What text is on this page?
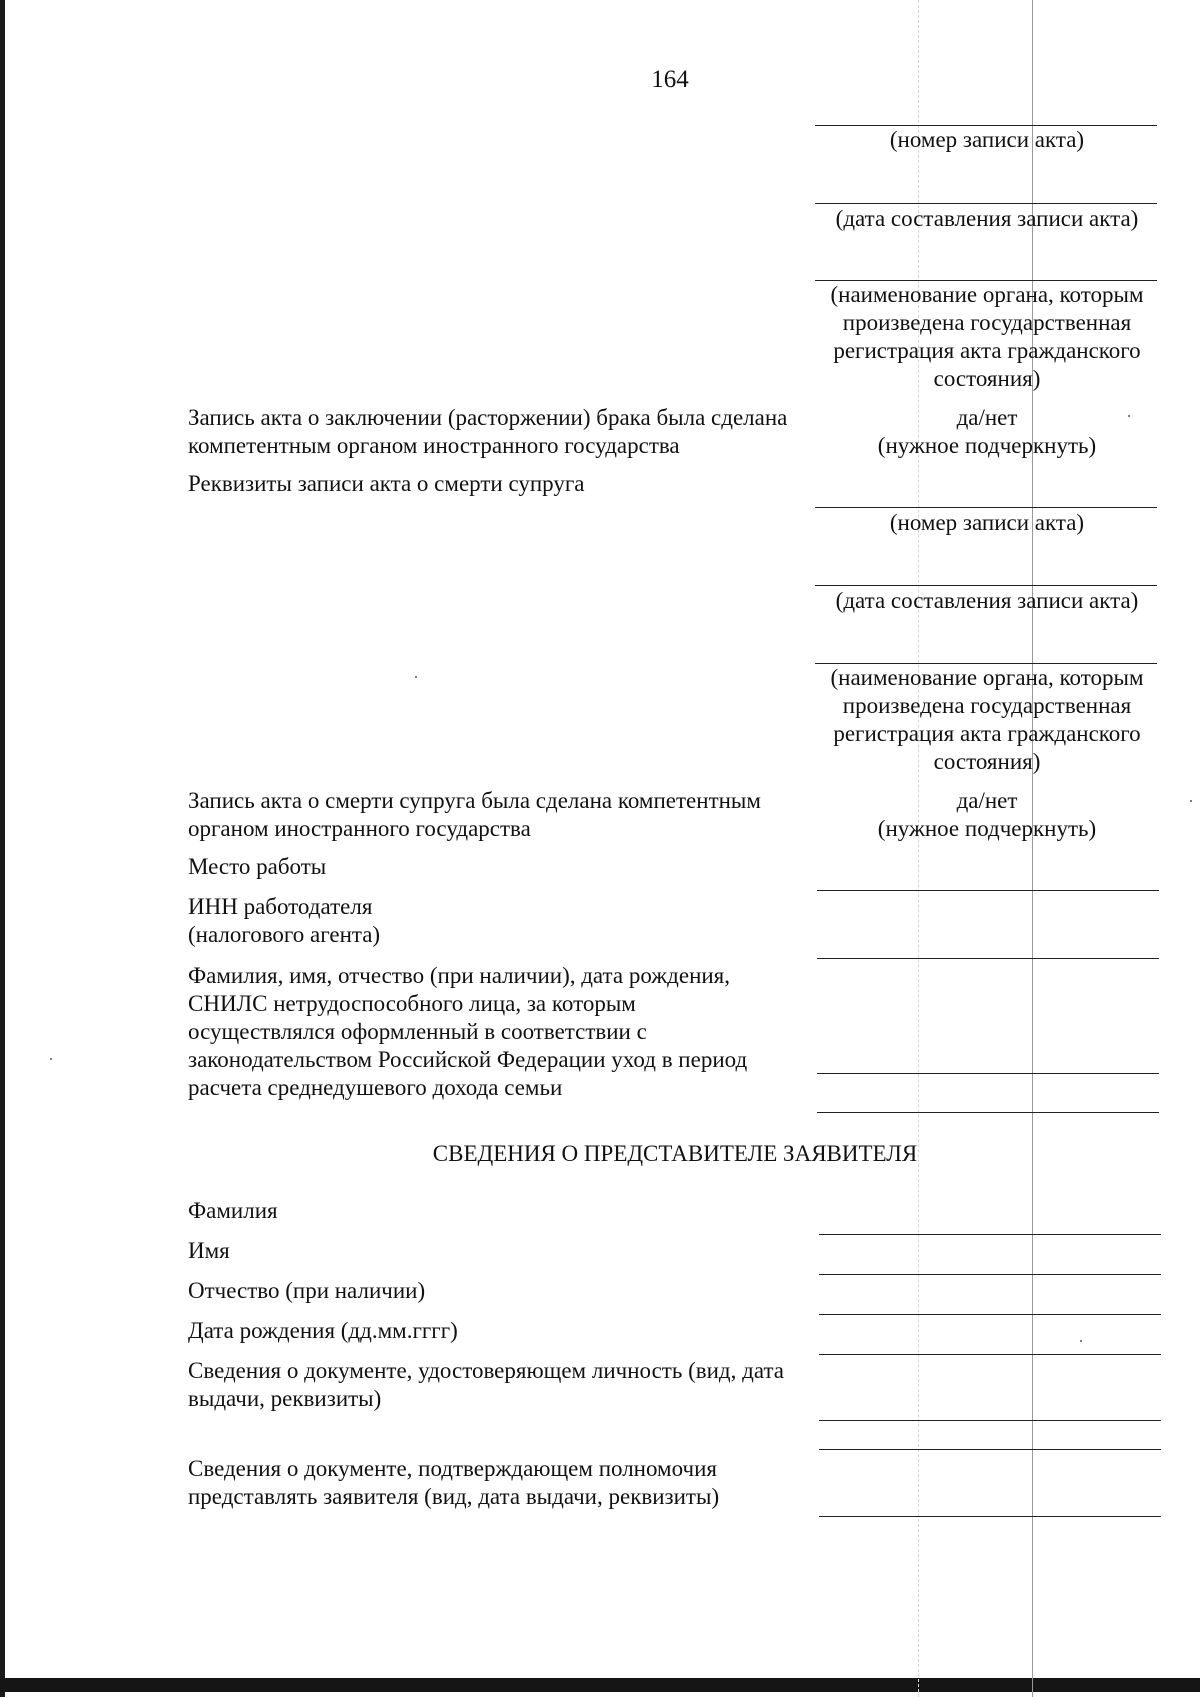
164
(номер записи акта)
(дата составления записи акта)
(наименование органа, которым произведена государственная регистрация акта гражданского состояния)
Запись акта о заключении (расторжении) брака была сделана компетентным органом иностранного государства
да/нет
(нужное подчеркнуть)
Реквизиты записи акта о смерти супруга
(номер записи акта)
(дата составления записи акта)
(наименование органа, которым произведена государственная регистрация акта гражданского состояния)
Запись акта о смерти супруга была сделана компетентным органом иностранного государства
да/нет
(нужное подчеркнуть)
Место работы
ИНН работодателя (налогового агента)
Фамилия, имя, отчество (при наличии), дата рождения, СНИЛС нетрудоспособного лица, за которым осуществлялся оформленный в соответствии с законодательством Российской Федерации уход в период расчета среднедушевого дохода семьи
СВЕДЕНИЯ О ПРЕДСТАВИТЕЛЕ ЗАЯВИТЕЛЯ
Фамилия
Имя
Отчество (при наличии)
Дата рождения (дд.мм.гггг)
Сведения о документе, удостоверяющем личность (вид, дата выдачи, реквизиты)
Сведения о документе, подтверждающем полномочия представлять заявителя (вид, дата выдачи, реквизиты)
